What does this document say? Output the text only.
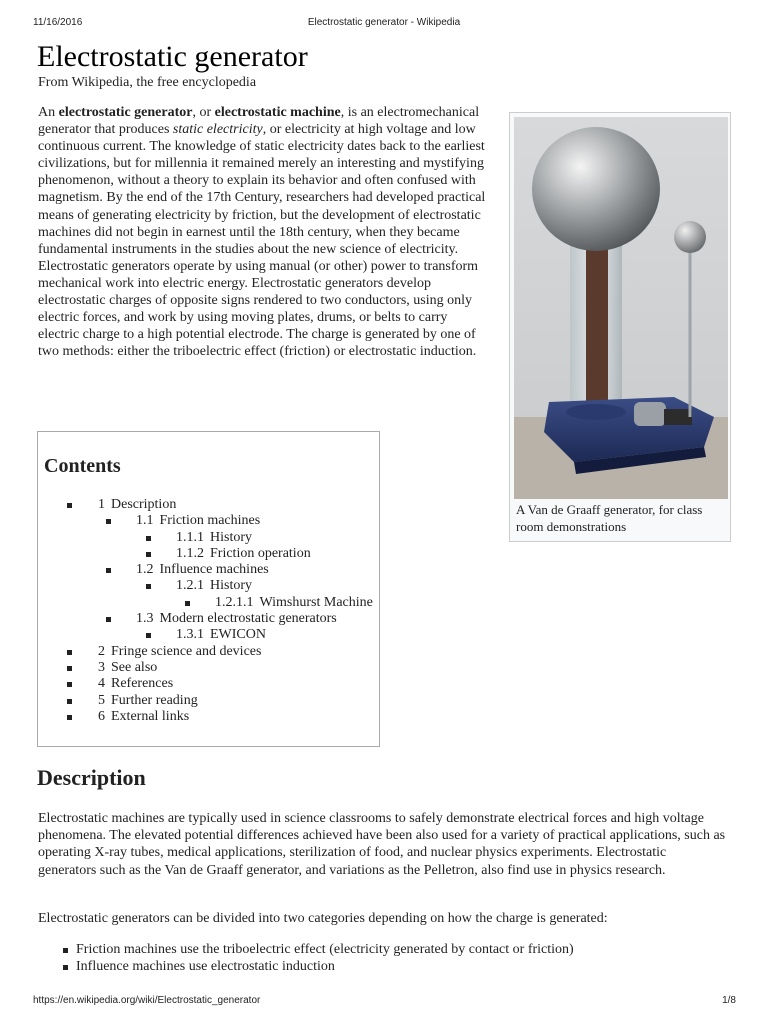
11/16/2016	Electrostatic generator - Wikipedia
Electrostatic generator
From Wikipedia, the free encyclopedia

An electrostatic generator, or electrostatic machine, is an electromechanical generator that produces static electricity, or electricity at high voltage and low continuous current. The knowledge of static electricity dates back to the earliest civilizations, but for millennia it remained merely an interesting and mystifying phenomenon, without a theory to explain its behavior and often confused with magnetism. By the end of the 17th Century, researchers had developed practical means of generating electricity by friction, but the development of electrostatic machines did not begin in earnest until the 18th century, when they became fundamental instruments in the studies about the new science of electricity. Electrostatic generators operate by using manual (or other) power to transform mechanical work into electric energy. Electrostatic generators develop electrostatic charges of opposite signs rendered to two conductors, using only electric forces, and work by using moving plates, drums, or belts to carry electric charge to a high potential electrode. The charge is generated by one of two methods: either the triboelectric effect (friction) or electrostatic induction.

A Van de Graaff generator, for class room demonstrations
Contents
1 Description
1.1 Friction machines
1.1.1 History
1.1.2 Friction operation
1.2 Influence machines
1.2.1 History
1.2.1.1 Wimshurst Machine
1.3 Modern electrostatic generators
1.3.1 EWICON
2 Fringe science and devices
3 See also
4 References
5 Further reading
6 External links
Description

Electrostatic machines are typically used in science classrooms to safely demonstrate electrical forces and high voltage phenomena. The elevated potential differences achieved have been also used for a variety of practical applications, such as operating X-ray tubes, medical applications, sterilization of food, and nuclear physics experiments. Electrostatic generators such as the Van de Graaff generator, and variations as the Pelletron, also find use in physics research.

Electrostatic generators can be divided into two categories depending on how the charge is generated:

Friction machines use the triboelectric effect (electricity generated by contact or friction)
Influence machines use electrostatic induction
https://en.wikipedia.org/wiki/Electrostatic_generator	1/8
